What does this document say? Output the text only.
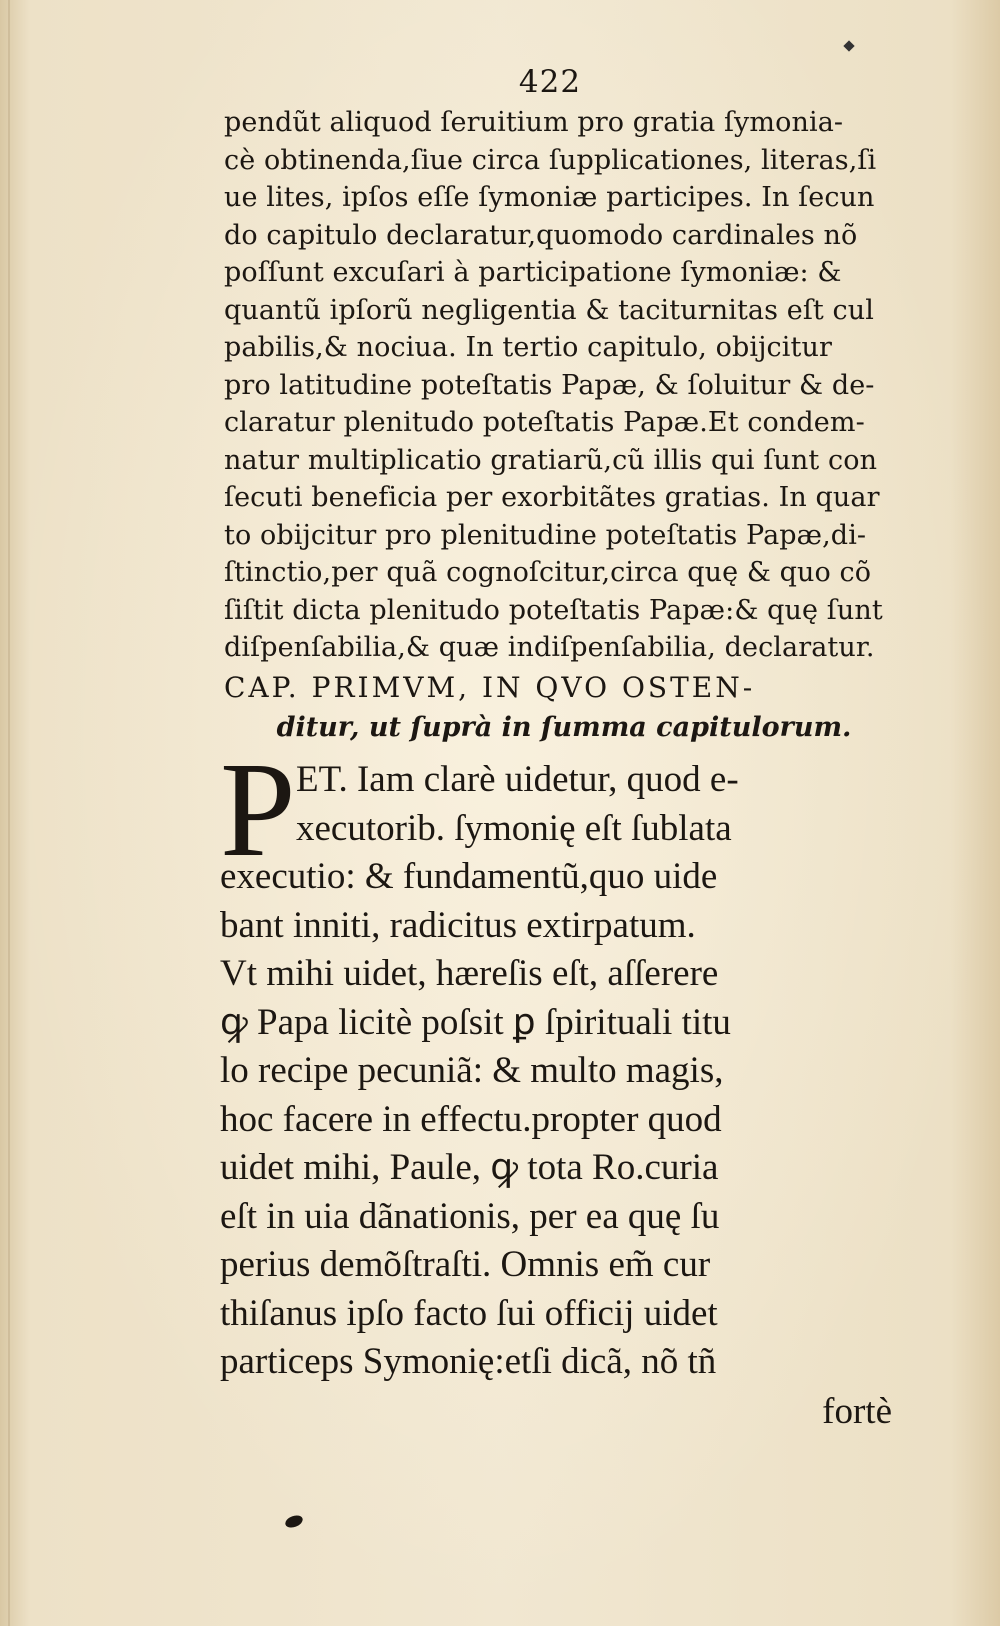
422
pendũt aliquod ſeruitium pro gratia ſymonia-
cè obtinenda,ſiue circa ſupplicationes, literas,ſi
ue lites, ipſos eſſe ſymoniæ participes. In ſecun
do capitulo declaratur,quomodo cardinales nõ
poſſunt excuſari à participatione ſymoniæ: &
quantũ ipſorũ negligentia & taciturnitas eſt cul
pabilis,& nociua. In tertio capitulo, obijcitur
pro latitudine poteſtatis Papæ, & ſoluitur & de-
claratur plenitudo poteſtatis Papæ.Et condem-
natur multiplicatio gratiarũ,cũ illis qui ſunt con
ſecuti beneficia per exorbitãtes gratias. In quar
to obijcitur pro plenitudine poteſtatis Papæ,di-
ſtinctio,per quã cognoſcitur,circa quę & quo cõ
ſiſtit dicta plenitudo poteſtatis Papæ:& quę ſunt
diſpenſabilia,& quæ indiſpenſabilia, declaratur.
CAP. PRIMVM, IN QVO OSTEN-
ditur, ut ſuprà in ſumma capitulorum.
P ET. Iam clarè uidetur, quod e-
xecutorib. ſymonię eſt ſublata
executio: & fundamentũ,quo uide
bant inniti, radicitus extirpatum.
Vt mihi uidet, hæreſis eſt, aſſerere
ꝙ Papa licitè poſsit ꝑ ſpirituali titu
lo recipe pecuniã: & multo magis,
hoc facere in effectu.propter quod
uidet mihi, Paule, ꝙ tota Ro.curia
eſt in uia dãnationis, per ea quę ſu
perius demõſtraſti. Omnis em̃ cur
thiſanus ipſo facto ſui officij uidet
particeps Symonię:etſi dicã, nõ tñ
fortè
